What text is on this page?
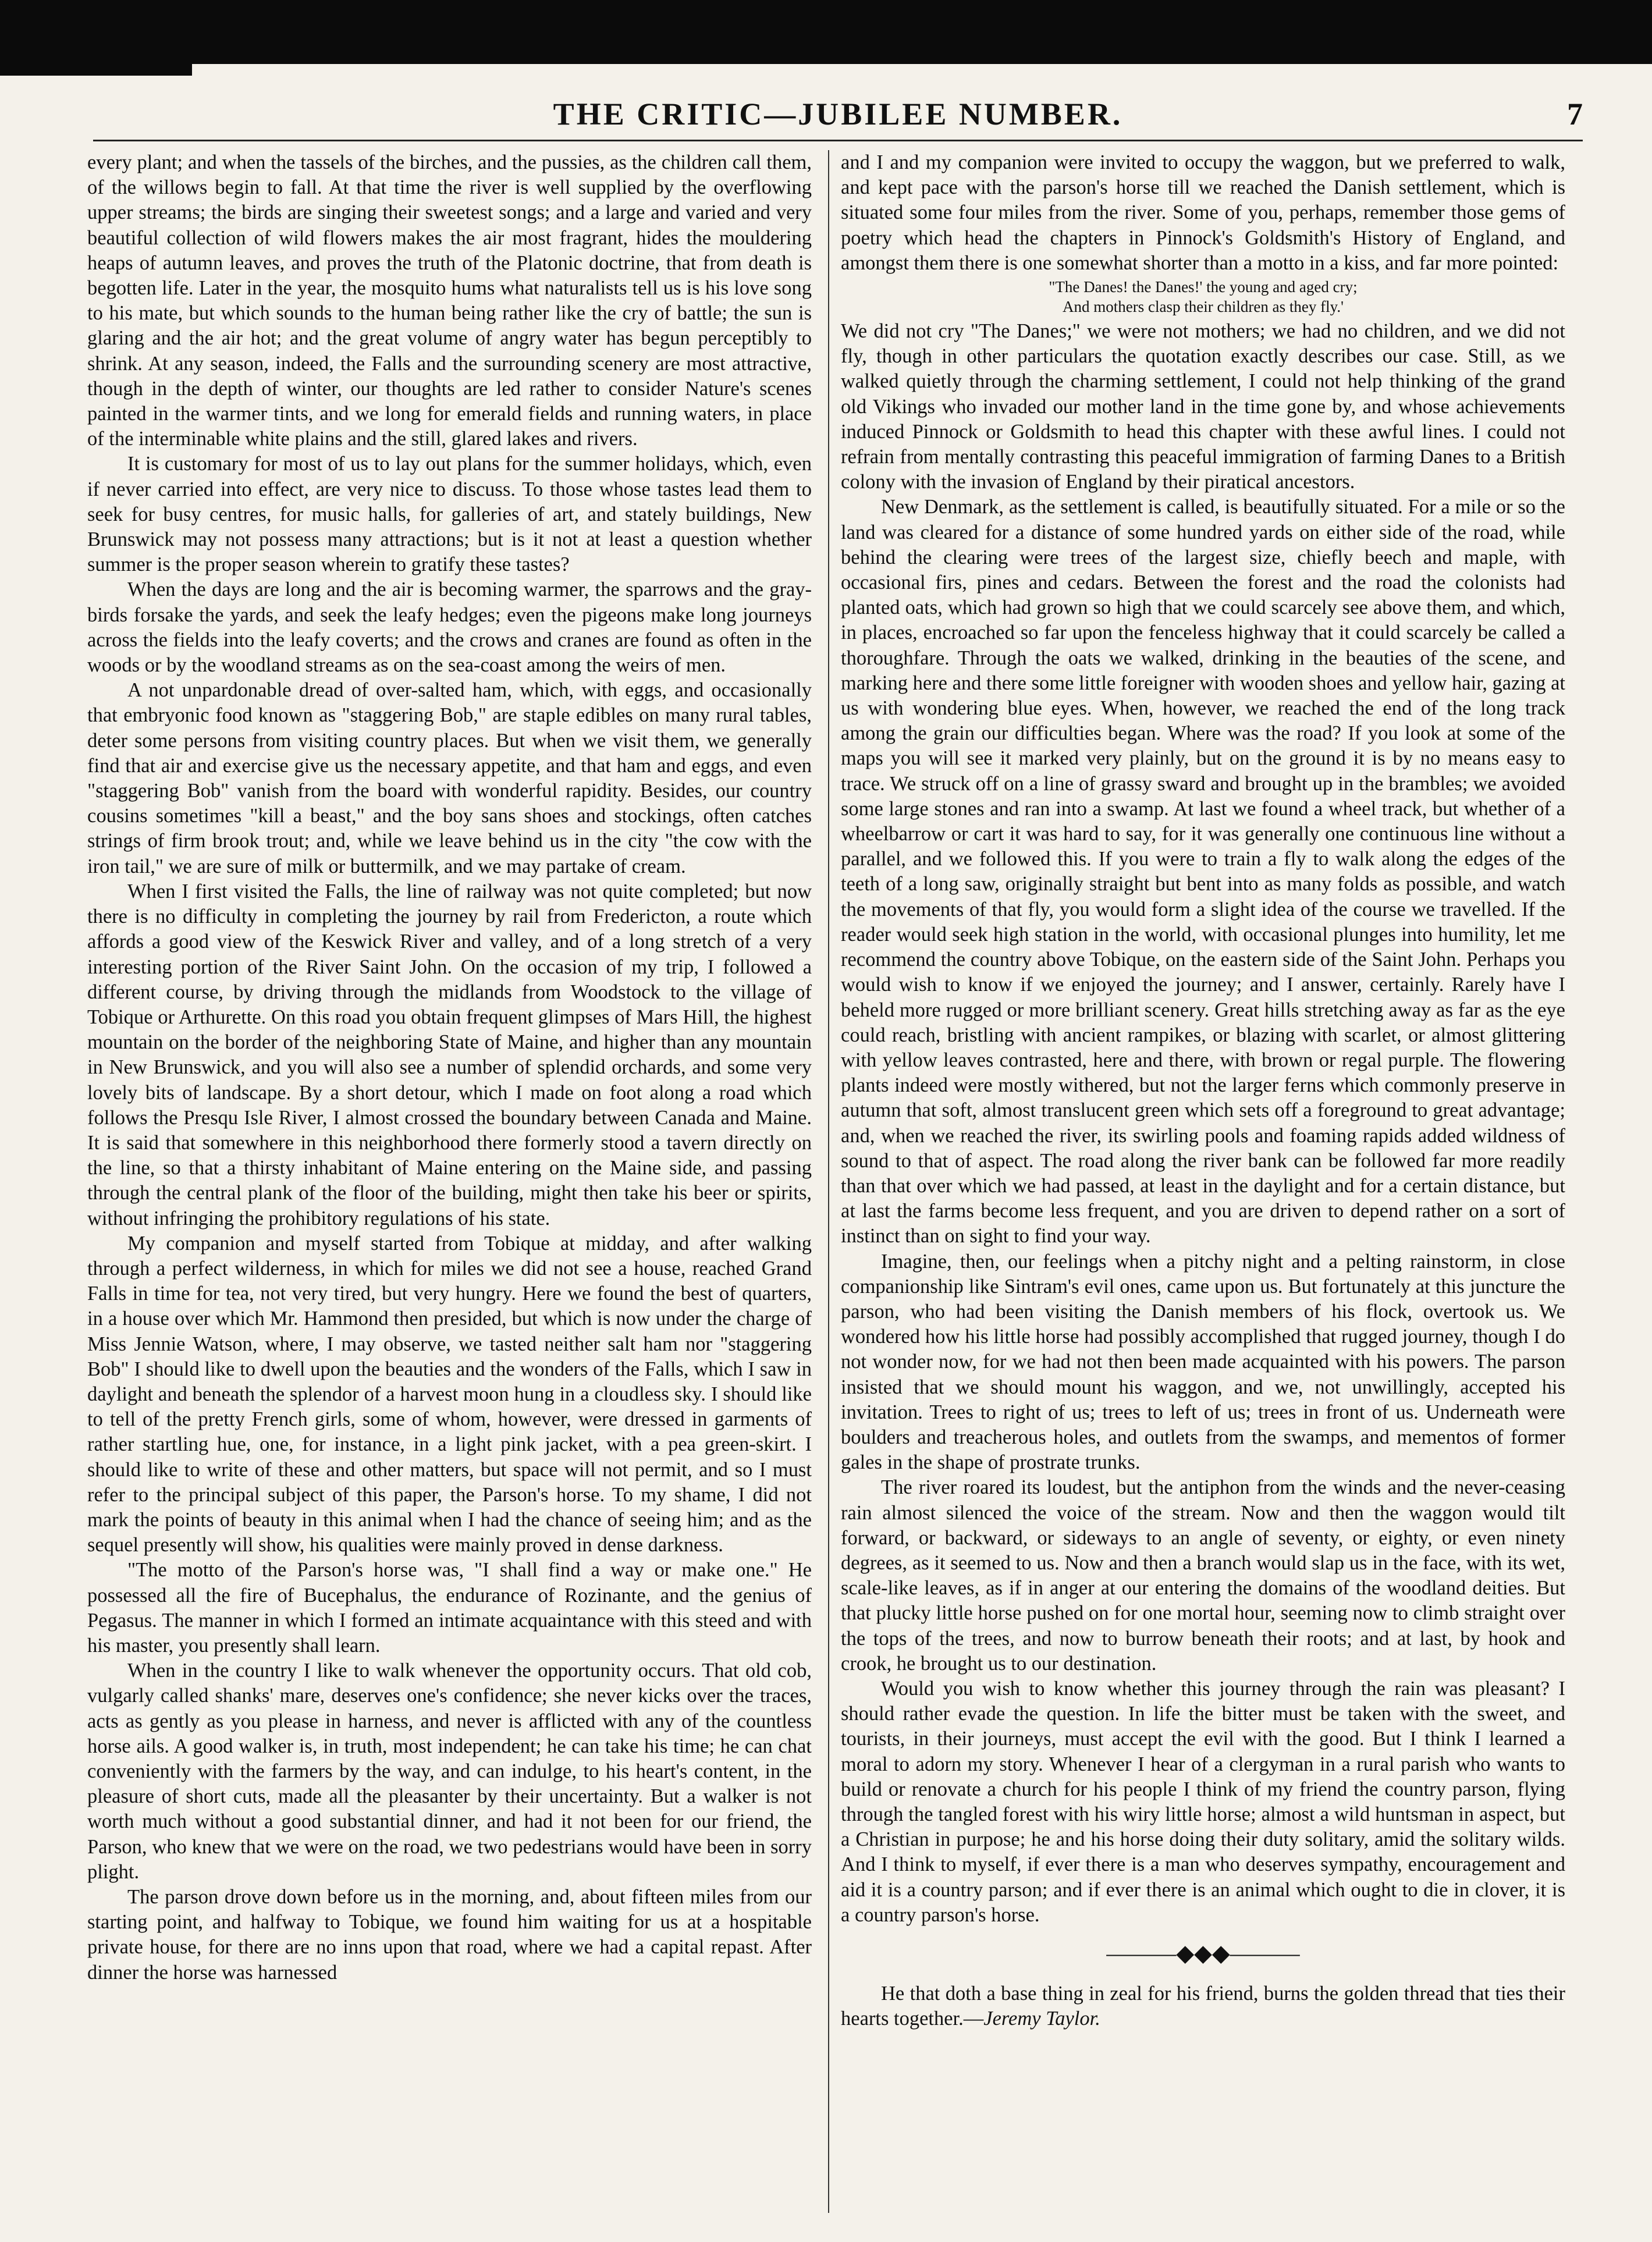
THE CRITIC—JUBILEE NUMBER.	7

every plant; and when the tassels of the birches, and the pussies, as the children call them, of the willows begin to fall. At that time the river is well supplied by the overflowing upper streams; the birds are singing their sweetest songs; and a large and varied and very beautiful collection of wild flowers makes the air most fragrant, hides the mouldering heaps of autumn leaves, and proves the truth of the Platonic doctrine, that from death is begotten life. Later in the year, the mosquito hums what naturalists tell us is his love song to his mate, but which sounds to the human being rather like the cry of battle; the sun is glaring and the air hot; and the great volume of angry water has begun perceptibly to shrink. At any season, indeed, the Falls and the surrounding scenery are most attractive, though in the depth of winter, our thoughts are led rather to consider Nature's scenes painted in the warmer tints, and we long for emerald fields and running waters, in place of the interminable white plains and the still, glared lakes and rivers.

It is customary for most of us to lay out plans for the summer holidays, which, even if never carried into effect, are very nice to discuss. To those whose tastes lead them to seek for busy centres, for music halls, for galleries of art, and stately buildings, New Brunswick may not possess many attractions; but is it not at least a question whether summer is the proper season wherein to gratify these tastes?

When the days are long and the air is becoming warmer, the sparrows and the gray-birds forsake the yards, and seek the leafy hedges; even the pigeons make long journeys across the fields into the leafy coverts; and the crows and cranes are found as often in the woods or by the woodland streams as on the sea-coast among the weirs of men.

A not unpardonable dread of over-salted ham, which, with eggs, and occasionally that embryonic food known as "staggering Bob," are staple edibles on many rural tables, deter some persons from visiting country places. But when we visit them, we generally find that air and exercise give us the necessary appetite, and that ham and eggs, and even "staggering Bob" vanish from the board with wonderful rapidity. Besides, our country cousins sometimes "kill a beast," and the boy sans shoes and stockings, often catches strings of firm brook trout; and, while we leave behind us in the city "the cow with the iron tail," we are sure of milk or buttermilk, and we may partake of cream.

When I first visited the Falls, the line of railway was not quite completed; but now there is no difficulty in completing the journey by rail from Fredericton, a route which affords a good view of the Keswick River and valley, and of a long stretch of a very interesting portion of the River Saint John. On the occasion of my trip, I followed a different course, by driving through the midlands from Woodstock to the village of Tobique or Arthurette. On this road you obtain frequent glimpses of Mars Hill, the highest mountain on the border of the neighboring State of Maine, and higher than any mountain in New Brunswick, and you will also see a number of splendid orchards, and some very lovely bits of landscape. By a short detour, which I made on foot along a road which follows the Presqu Isle River, I almost crossed the boundary between Canada and Maine. It is said that somewhere in this neighborhood there formerly stood a tavern directly on the line, so that a thirsty inhabitant of Maine entering on the Maine side, and passing through the central plank of the floor of the building, might then take his beer or spirits, without infringing the prohibitory regulations of his state.

My companion and myself started from Tobique at midday, and after walking through a perfect wilderness, in which for miles we did not see a house, reached Grand Falls in time for tea, not very tired, but very hungry. Here we found the best of quarters, in a house over which Mr. Hammond then presided, but which is now under the charge of Miss Jennie Watson, where, I may observe, we tasted neither salt ham nor "staggering Bob" I should like to dwell upon the beauties and the wonders of the Falls, which I saw in daylight and beneath the splendor of a harvest moon hung in a cloudless sky. I should like to tell of the pretty French girls, some of whom, however, were dressed in garments of rather startling hue, one, for instance, in a light pink jacket, with a pea green-skirt. I should like to write of these and other matters, but space will not permit, and so I must refer to the principal subject of this paper, the Parson's horse. To my shame, I did not mark the points of beauty in this animal when I had the chance of seeing him; and as the sequel presently will show, his qualities were mainly proved in dense darkness.

"The motto of the Parson's horse was, "I shall find a way or make one." He possessed all the fire of Bucephalus, the endurance of Rozinante, and the genius of Pegasus. The manner in which I formed an intimate acquaintance with this steed and with his master, you presently shall learn.

When in the country I like to walk whenever the opportunity occurs. That old cob, vulgarly called shanks' mare, deserves one's confidence; she never kicks over the traces, acts as gently as you please in harness, and never is afflicted with any of the countless horse ails. A good walker is, in truth, most independent; he can take his time; he can chat conveniently with the farmers by the way, and can indulge, to his heart's content, in the pleasure of short cuts, made all the pleasanter by their uncertainty. But a walker is not worth much without a good substantial dinner, and had it not been for our friend, the Parson, who knew that we were on the road, we two pedestrians would have been in sorry plight.

The parson drove down before us in the morning, and, about fifteen miles from our starting point, and halfway to Tobique, we found him waiting for us at a hospitable private house, for there are no inns upon that road, where we had a capital repast. After dinner the horse was harnessed

and I and my companion were invited to occupy the waggon, but we preferred to walk, and kept pace with the parson's horse till we reached the Danish settlement, which is situated some four miles from the river. Some of you, perhaps, remember those gems of poetry which head the chapters in Pinnock's Goldsmith's History of England, and amongst them there is one somewhat shorter than a motto in a kiss, and far more pointed:

"The Danes! the Danes!' the young and aged cry;
And mothers clasp their children as they fly.'

We did not cry "The Danes;" we were not mothers; we had no children, and we did not fly, though in other particulars the quotation exactly describes our case. Still, as we walked quietly through the charming settlement, I could not help thinking of the grand old Vikings who invaded our mother land in the time gone by, and whose achievements induced Pinnock or Goldsmith to head this chapter with these awful lines. I could not refrain from mentally contrasting this peaceful immigration of farming Danes to a British colony with the invasion of England by their piratical ancestors.

New Denmark, as the settlement is called, is beautifully situated. For a mile or so the land was cleared for a distance of some hundred yards on either side of the road, while behind the clearing were trees of the largest size, chiefly beech and maple, with occasional firs, pines and cedars. Between the forest and the road the colonists had planted oats, which had grown so high that we could scarcely see above them, and which, in places, encroached so far upon the fenceless highway that it could scarcely be called a thoroughfare. Through the oats we walked, drinking in the beauties of the scene, and marking here and there some little foreigner with wooden shoes and yellow hair, gazing at us with wondering blue eyes. When, however, we reached the end of the long track among the grain our difficulties began. Where was the road? If you look at some of the maps you will see it marked very plainly, but on the ground it is by no means easy to trace. We struck off on a line of grassy sward and brought up in the brambles; we avoided some large stones and ran into a swamp. At last we found a wheel track, but whether of a wheelbarrow or cart it was hard to say, for it was generally one continuous line without a parallel, and we followed this. If you were to train a fly to walk along the edges of the teeth of a long saw, originally straight but bent into as many folds as possible, and watch the movements of that fly, you would form a slight idea of the course we travelled. If the reader would seek high station in the world, with occasional plunges into humility, let me recommend the country above Tobique, on the eastern side of the Saint John. Perhaps you would wish to know if we enjoyed the journey; and I answer, certainly. Rarely have I beheld more rugged or more brilliant scenery. Great hills stretching away as far as the eye could reach, bristling with ancient rampikes, or blazing with scarlet, or almost glittering with yellow leaves contrasted, here and there, with brown or regal purple. The flowering plants indeed were mostly withered, but not the larger ferns which commonly preserve in autumn that soft, almost translucent green which sets off a foreground to great advantage; and, when we reached the river, its swirling pools and foaming rapids added wildness of sound to that of aspect. The road along the river bank can be followed far more readily than that over which we had passed, at least in the daylight and for a certain distance, but at last the farms become less frequent, and you are driven to depend rather on a sort of instinct than on sight to find your way.

Imagine, then, our feelings when a pitchy night and a pelting rainstorm, in close companionship like Sintram's evil ones, came upon us. But fortunately at this juncture the parson, who had been visiting the Danish members of his flock, overtook us. We wondered how his little horse had possibly accomplished that rugged journey, though I do not wonder now, for we had not then been made acquainted with his powers. The parson insisted that we should mount his waggon, and we, not unwillingly, accepted his invitation. Trees to right of us; trees to left of us; trees in front of us. Underneath were boulders and treacherous holes, and outlets from the swamps, and mementos of former gales in the shape of prostrate trunks.

The river roared its loudest, but the antiphon from the winds and the never-ceasing rain almost silenced the voice of the stream. Now and then the waggon would tilt forward, or backward, or sideways to an angle of seventy, or eighty, or even ninety degrees, as it seemed to us. Now and then a branch would slap us in the face, with its wet, scale-like leaves, as if in anger at our entering the domains of the woodland deities. But that plucky little horse pushed on for one mortal hour, seeming now to climb straight over the tops of the trees, and now to burrow beneath their roots; and at last, by hook and crook, he brought us to our destination.

Would you wish to know whether this journey through the rain was pleasant? I should rather evade the question. In life the bitter must be taken with the sweet, and tourists, in their journeys, must accept the evil with the good. But I think I learned a moral to adorn my story. Whenever I hear of a clergyman in a rural parish who wants to build or renovate a church for his people I think of my friend the country parson, flying through the tangled forest with his wiry little horse; almost a wild huntsman in aspect, but a Christian in purpose; he and his horse doing their duty solitary, amid the solitary wilds. And I think to myself, if ever there is a man who deserves sympathy, encouragement and aid it is a country parson; and if ever there is an animal which ought to die in clover, it is a country parson's horse.

———◆◆◆———

He that doth a base thing in zeal for his friend, burns the golden thread that ties their hearts together.—Jeremy Taylor.
